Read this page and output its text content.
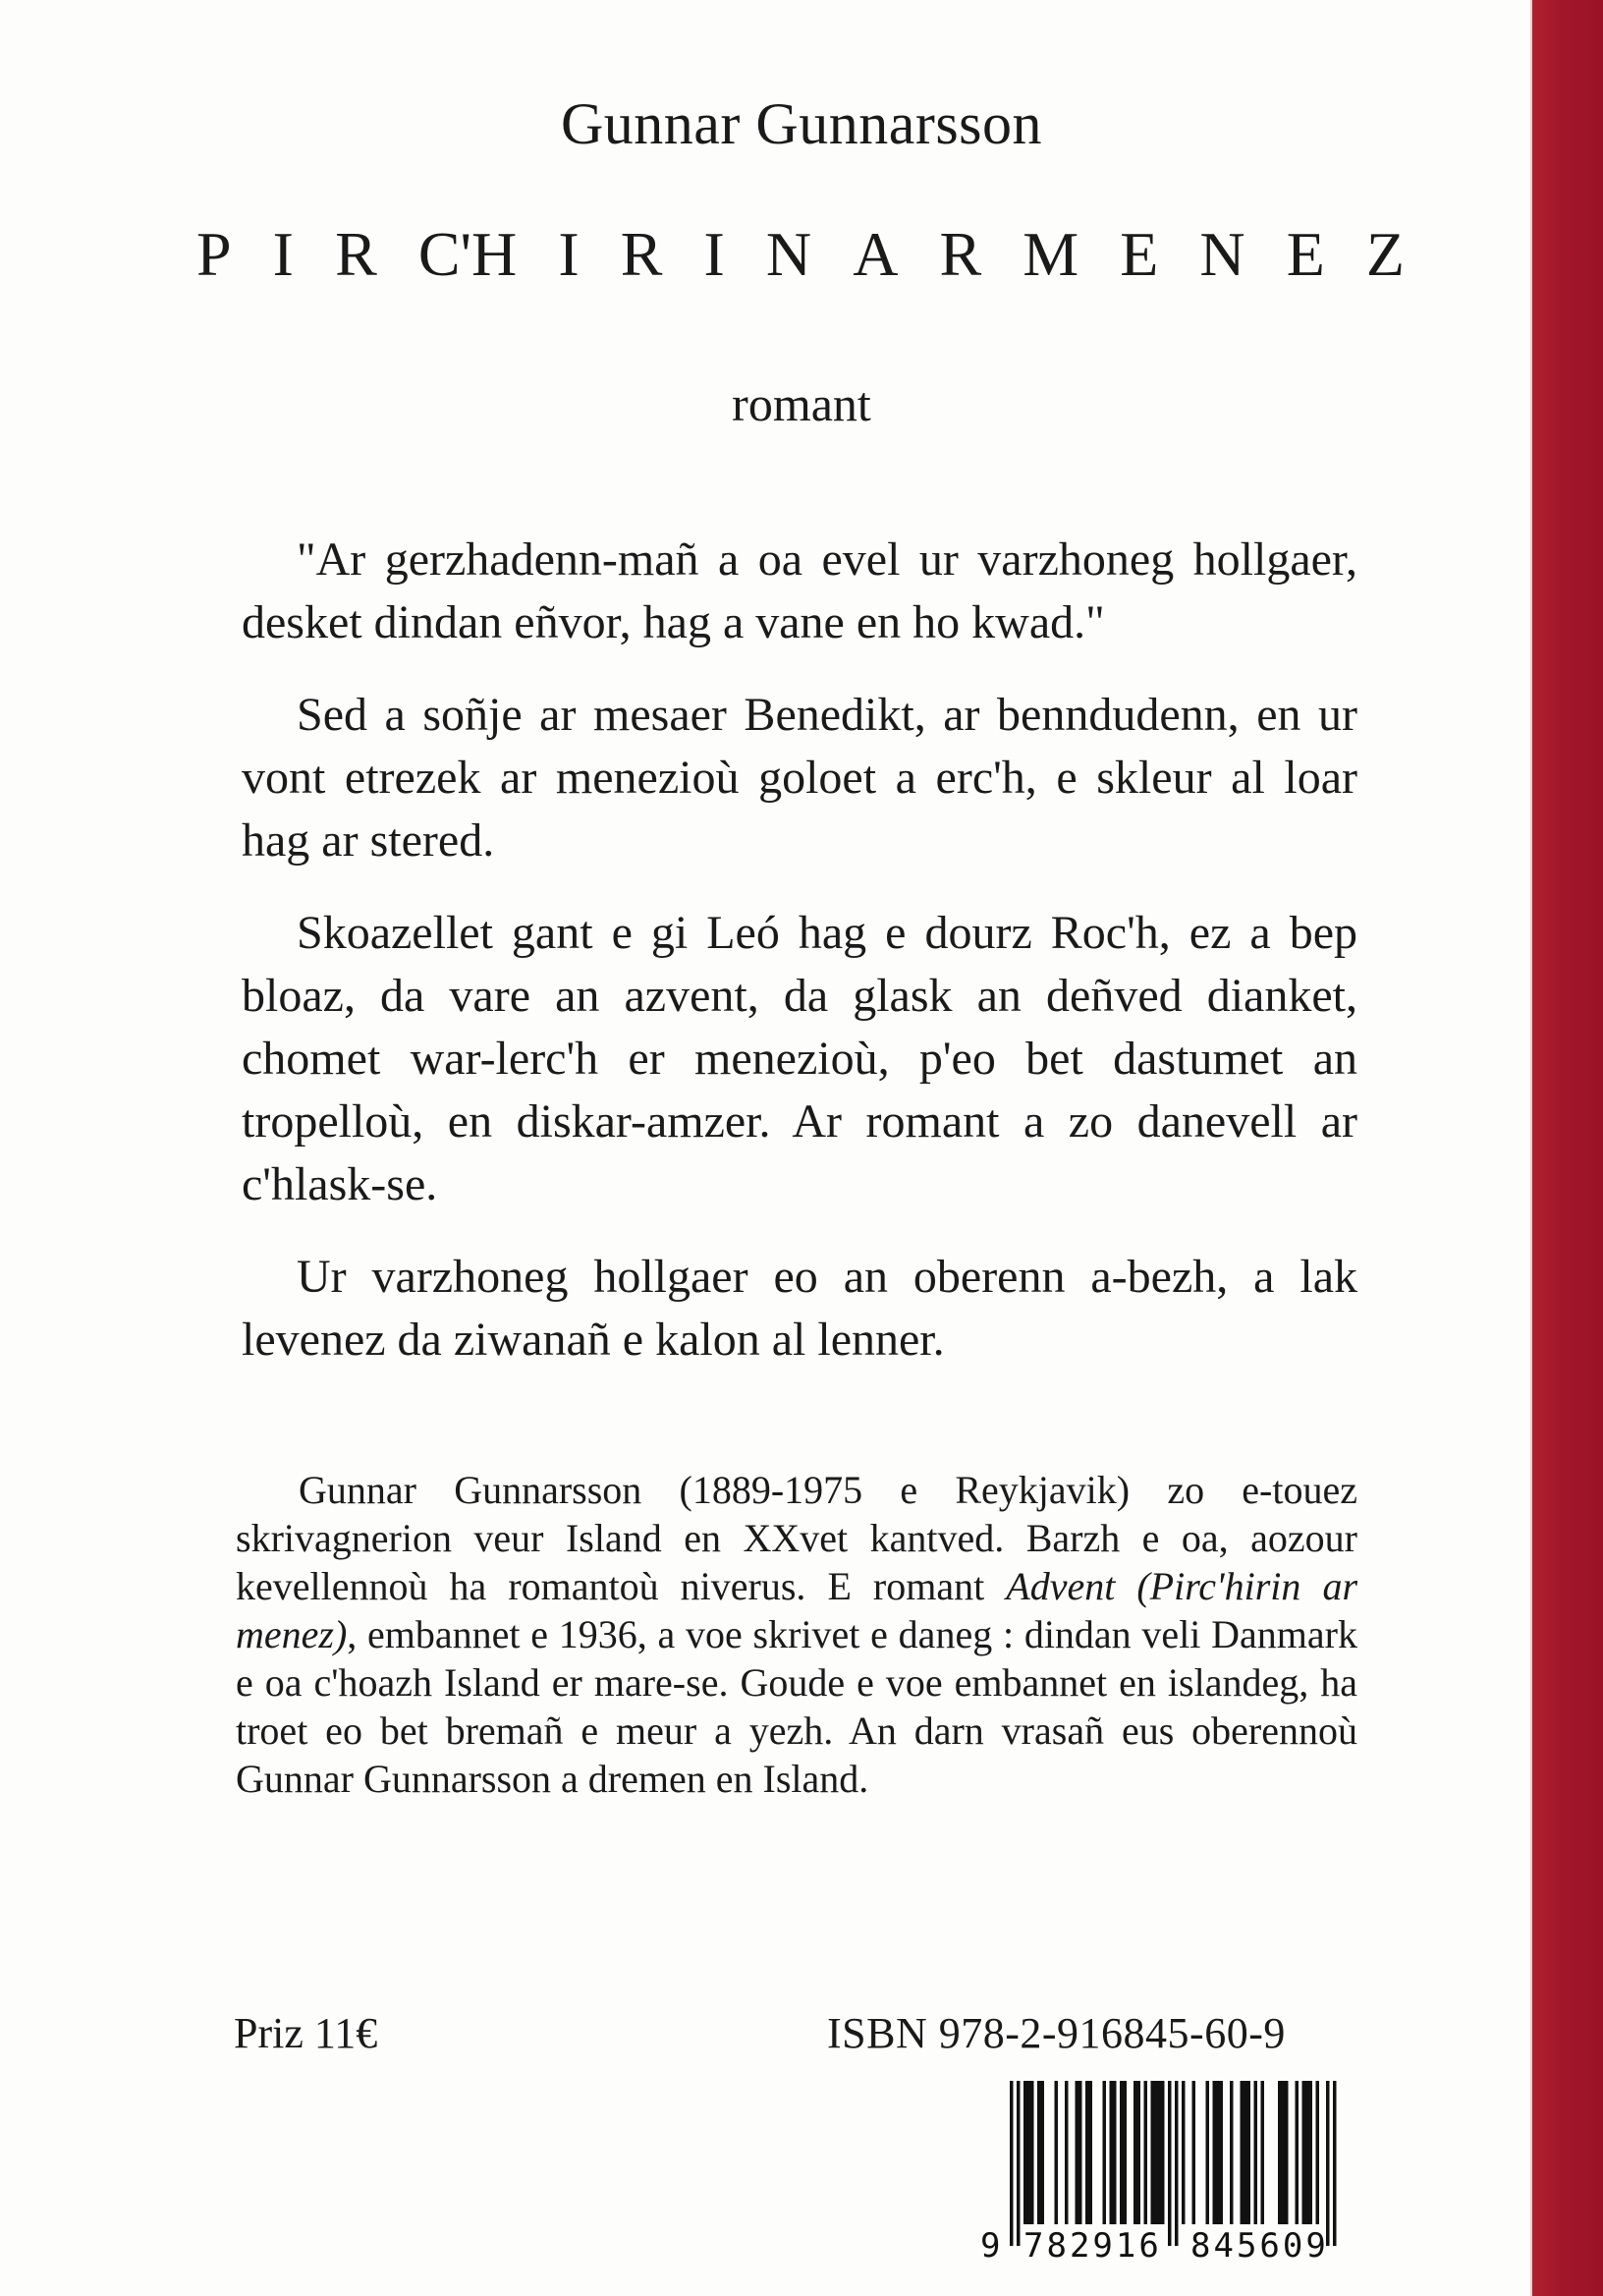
Gunnar Gunnarsson
P I R C'H I R I N A R M E N E Z
romant

"Ar gerzhadenn-mañ a oa evel ur varzhoneg hollgaer, desket dindan eñvor, hag a vane en ho kwad."

Sed a soñje ar mesaer Benedikt, ar benndudenn, en ur vont etrezek ar menezioù goloet a erc'h, e skleur al loar hag ar stered.

Skoazellet gant e gi Leó hag e dourz Roc'h, ez a bep bloaz, da vare an azvent, da glask an deñved dianket, chomet war-lerc'h er menezioù, p'eo bet dastumet an tropelloù, en diskar-amzer. Ar romant a zo danevell ar c'hlask-se.

Ur varzhoneg hollgaer eo an oberenn a-bezh, a lak levenez da ziwanañ e kalon al lenner.

Gunnar Gunnarsson (1889-1975 e Reykjavik) zo e-touez skrivagnerion veur Island en XXvet kantved. Barzh e oa, aozour kevellennoù ha romantoù niverus. E romant Advent (Pirc'hirin ar menez), embannet e 1936, a voe skrivet e daneg : dindan veli Danmark e oa c'hoazh Island er mare-se. Goude e voe embannet en islandeg, ha troet eo bet bremañ e meur a yezh. An darn vrasañ eus oberennoù Gunnar Gunnarsson a dremen en Island.
Priz 11€	ISBN 978-2-916845-60-9
9 782916 845609
